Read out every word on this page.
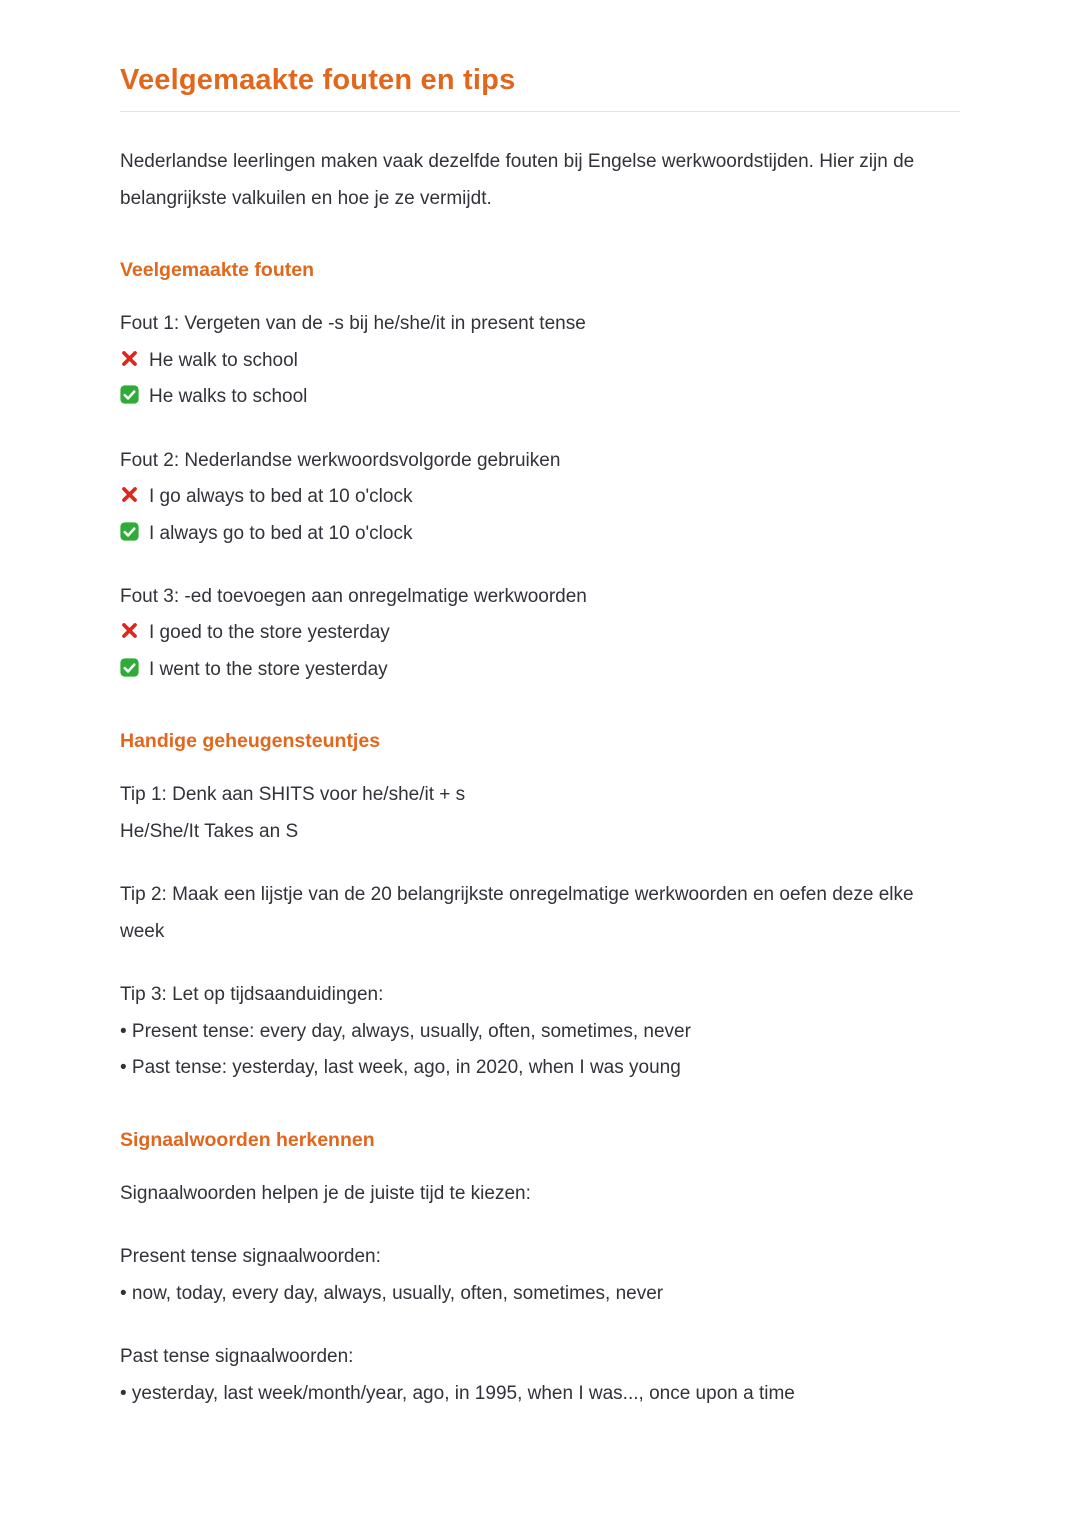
Veelgemaakte fouten en tips

Nederlandse leerlingen maken vaak dezelfde fouten bij Engelse werkwoordstijden. Hier zijn de belangrijkste valkuilen en hoe je ze vermijdt.

Veelgemaakte fouten
Fout 1: Vergeten van de -s bij he/she/it in present tense
He walk to school
He walks to school
Fout 2: Nederlandse werkwoordsvolgorde gebruiken
I go always to bed at 10 o'clock
I always go to bed at 10 o'clock
Fout 3: -ed toevoegen aan onregelmatige werkwoorden
I goed to the store yesterday
I went to the store yesterday
Handige geheugensteuntjes
Tip 1: Denk aan SHITS voor he/she/it + s
He/She/It Takes an S

Tip 2: Maak een lijstje van de 20 belangrijkste onregelmatige werkwoorden en oefen deze elke week

Tip 3: Let op tijdsaanduidingen:
• Present tense: every day, always, usually, often, sometimes, never
• Past tense: yesterday, last week, ago, in 2020, when I was young
Signaalwoorden herkennen

Signaalwoorden helpen je de juiste tijd te kiezen:

Present tense signaalwoorden:
• now, today, every day, always, usually, often, sometimes, never
Past tense signaalwoorden:
• yesterday, last week/month/year, ago, in 1995, when I was..., once upon a time
